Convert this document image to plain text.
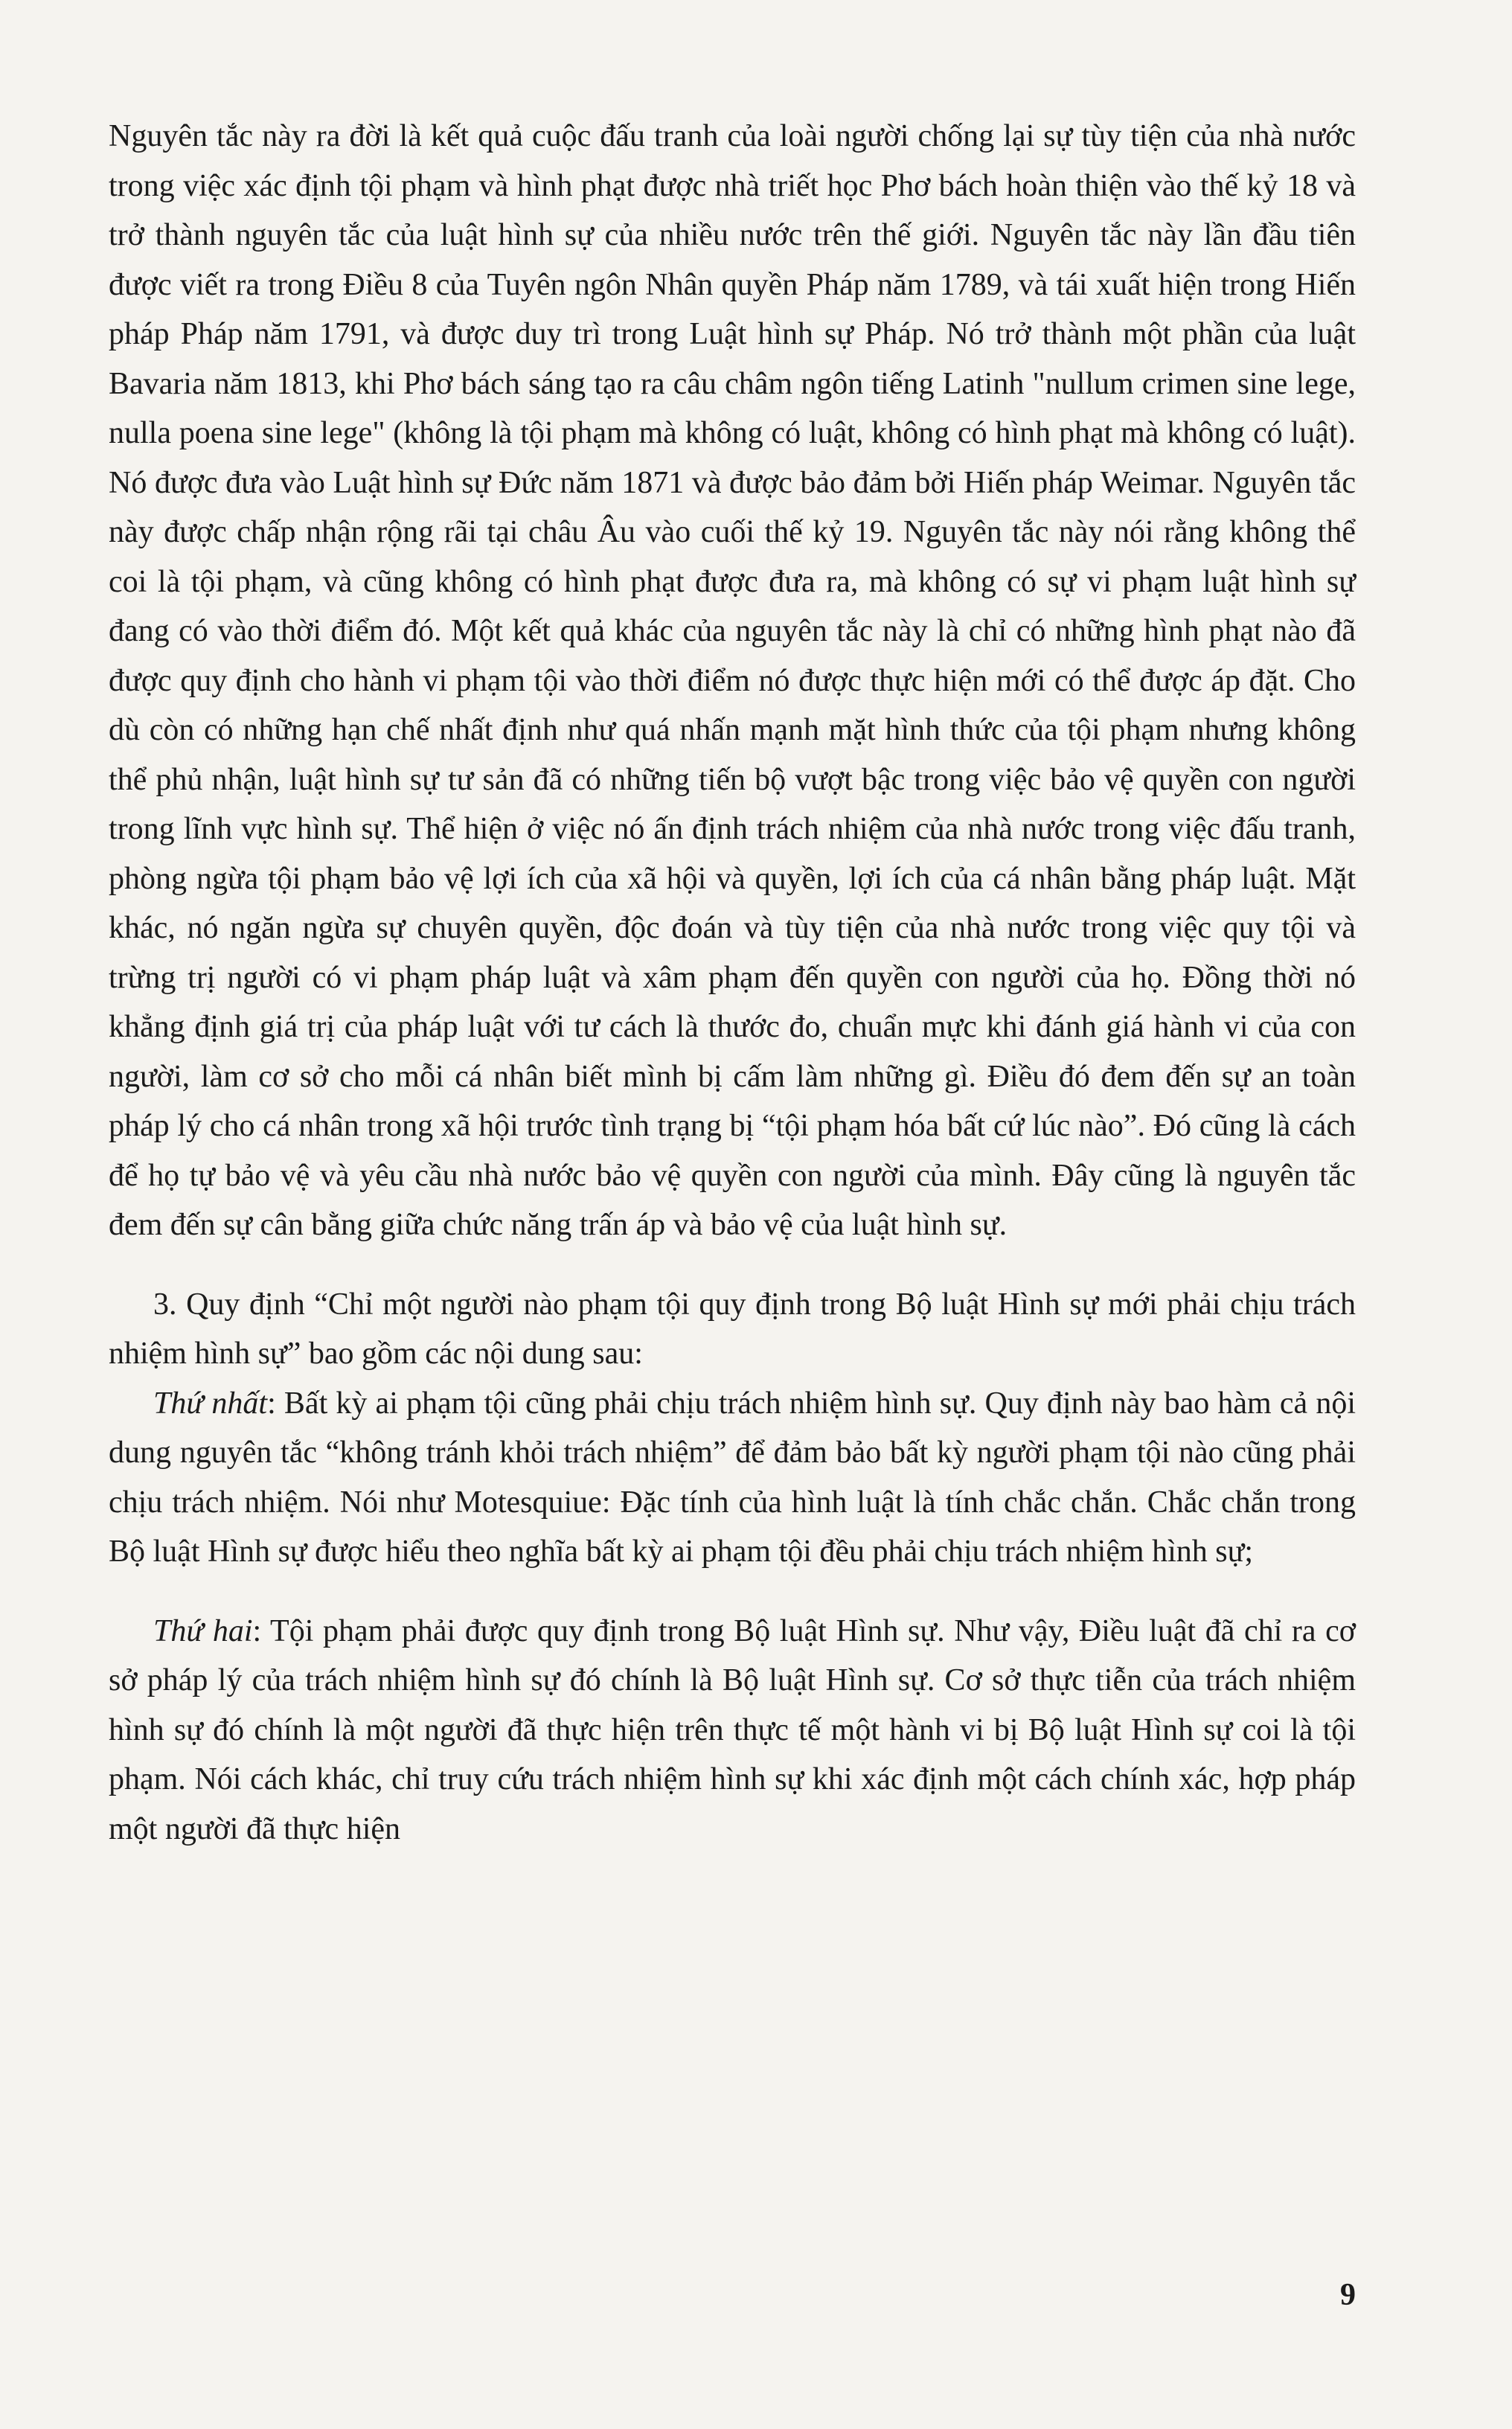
Nguyên tắc này ra đời là kết quả cuộc đấu tranh của loài người chống lại sự tùy tiện của nhà nước trong việc xác định tội phạm và hình phạt được nhà triết học Phơ bách hoàn thiện vào thế kỷ 18 và trở thành nguyên tắc của luật hình sự của nhiều nước trên thế giới. Nguyên tắc này lần đầu tiên được viết ra trong Điều 8 của Tuyên ngôn Nhân quyền Pháp năm 1789, và tái xuất hiện trong Hiến pháp Pháp năm 1791, và được duy trì trong Luật hình sự Pháp. Nó trở thành một phần của luật Bavaria năm 1813, khi Phơ bách sáng tạo ra câu châm ngôn tiếng Latinh "nullum crimen sine lege, nulla poena sine lege" (không là tội phạm mà không có luật, không có hình phạt mà không có luật). Nó được đưa vào Luật hình sự Đức năm 1871 và được bảo đảm bởi Hiến pháp Weimar. Nguyên tắc này được chấp nhận rộng rãi tại châu Âu vào cuối thế kỷ 19. Nguyên tắc này nói rằng không thể coi là tội phạm, và cũng không có hình phạt được đưa ra, mà không có sự vi phạm luật hình sự đang có vào thời điểm đó. Một kết quả khác của nguyên tắc này là chỉ có những hình phạt nào đã được quy định cho hành vi phạm tội vào thời điểm nó được thực hiện mới có thể được áp đặt. Cho dù còn có những hạn chế nhất định như quá nhấn mạnh mặt hình thức của tội phạm nhưng không thể phủ nhận, luật hình sự tư sản đã có những tiến bộ vượt bậc trong việc bảo vệ quyền con người trong lĩnh vực hình sự. Thể hiện ở việc nó ấn định trách nhiệm của nhà nước trong việc đấu tranh, phòng ngừa tội phạm bảo vệ lợi ích của xã hội và quyền, lợi ích của cá nhân bằng pháp luật. Mặt khác, nó ngăn ngừa sự chuyên quyền, độc đoán và tùy tiện của nhà nước trong việc quy tội và trừng trị người có vi phạm pháp luật và xâm phạm đến quyền con người của họ. Đồng thời nó khẳng định giá trị của pháp luật với tư cách là thước đo, chuẩn mực khi đánh giá hành vi của con người, làm cơ sở cho mỗi cá nhân biết mình bị cấm làm những gì. Điều đó đem đến sự an toàn pháp lý cho cá nhân trong xã hội trước tình trạng bị “tội phạm hóa bất cứ lúc nào”. Đó cũng là cách để họ tự bảo vệ và yêu cầu nhà nước bảo vệ quyền con người của mình. Đây cũng là nguyên tắc đem đến sự cân bằng giữa chức năng trấn áp và bảo vệ của luật hình sự.

3. Quy định “Chỉ một người nào phạm tội quy định trong Bộ luật Hình sự mới phải chịu trách nhiệm hình sự” bao gồm các nội dung sau:

Thứ nhất: Bất kỳ ai phạm tội cũng phải chịu trách nhiệm hình sự. Quy định này bao hàm cả nội dung nguyên tắc “không tránh khỏi trách nhiệm” để đảm bảo bất kỳ người phạm tội nào cũng phải chịu trách nhiệm. Nói như Motesquiue: Đặc tính của hình luật là tính chắc chắn. Chắc chắn trong Bộ luật Hình sự được hiểu theo nghĩa bất kỳ ai phạm tội đều phải chịu trách nhiệm hình sự;

Thứ hai: Tội phạm phải được quy định trong Bộ luật Hình sự. Như vậy, Điều luật đã chỉ ra cơ sở pháp lý của trách nhiệm hình sự đó chính là Bộ luật Hình sự. Cơ sở thực tiễn của trách nhiệm hình sự đó chính là một người đã thực hiện trên thực tế một hành vi bị Bộ luật Hình sự coi là tội phạm. Nói cách khác, chỉ truy cứu trách nhiệm hình sự khi xác định một cách chính xác, hợp pháp một người đã thực hiện

9
